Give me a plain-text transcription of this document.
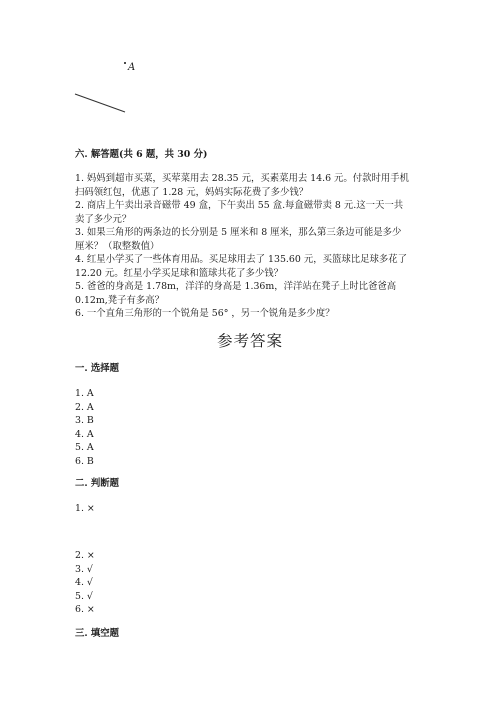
A
六. 解答题(共 6 题，共 30 分)
1. 妈妈到超市买菜，买荤菜用去 28.35 元，买素菜用去 14.6 元。付款时用手机
扫码领红包，优惠了 1.28 元，妈妈实际花费了多少钱？
2. 商店上午卖出录音磁带 49 盒，下午卖出 55 盒.每盒磁带卖 8 元.这一天一共
卖了多少元？
3. 如果三角形的两条边的长分别是 5 厘米和 8 厘米，那么第三条边可能是多少
厘米？（取整数值）
4. 红星小学买了一些体育用品。买足球用去了 135.60 元，买篮球比足球多花了
12.20 元。红星小学买足球和篮球共花了多少钱？
5. 爸爸的身高是 1.78m，洋洋的身高是 1.36m，洋洋站在凳子上时比爸爸高
0.12m,凳子有多高？
6. 一个直角三角形的一个锐角是 56° ，另一个锐角是多少度？
参考答案
一. 选择题
1. A
2. A
3. B
4. A
5. A
6. B
二. 判断题
1. ×
2. ×
3. √
4. √
5. √
6. ×
三. 填空题
